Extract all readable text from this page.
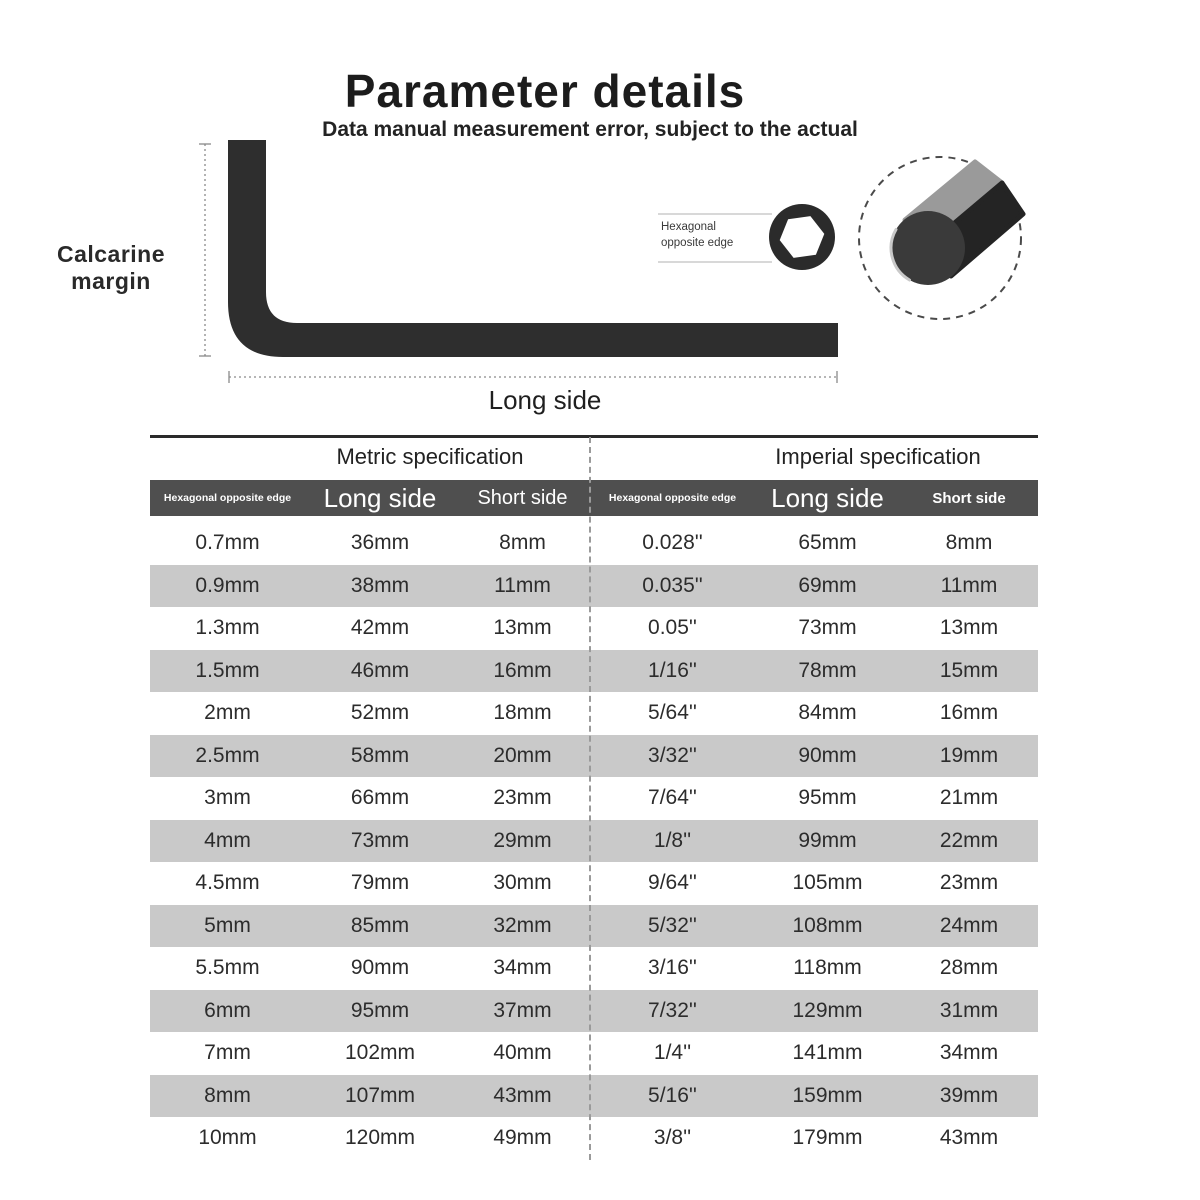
Parameter details
Data manual measurement error, subject to the actual
Calcarine margin
Long side
Hexagonal
opposite edge
Metric specification	Imperial specification
Hexagonal opposite edge	Long side	Short side	Hexagonal opposite edge	Long side	Short side
0.7mm	36mm	8mm	0.028''	65mm	8mm
0.9mm	38mm	11mm	0.035''	69mm	11mm
1.3mm	42mm	13mm	0.05''	73mm	13mm
1.5mm	46mm	16mm	1/16''	78mm	15mm
2mm	52mm	18mm	5/64''	84mm	16mm
2.5mm	58mm	20mm	3/32''	90mm	19mm
3mm	66mm	23mm	7/64''	95mm	21mm
4mm	73mm	29mm	1/8''	99mm	22mm
4.5mm	79mm	30mm	9/64''	105mm	23mm
5mm	85mm	32mm	5/32''	108mm	24mm
5.5mm	90mm	34mm	3/16''	118mm	28mm
6mm	95mm	37mm	7/32''	129mm	31mm
7mm	102mm	40mm	1/4''	141mm	34mm
8mm	107mm	43mm	5/16''	159mm	39mm
10mm	120mm	49mm	3/8''	179mm	43mm
